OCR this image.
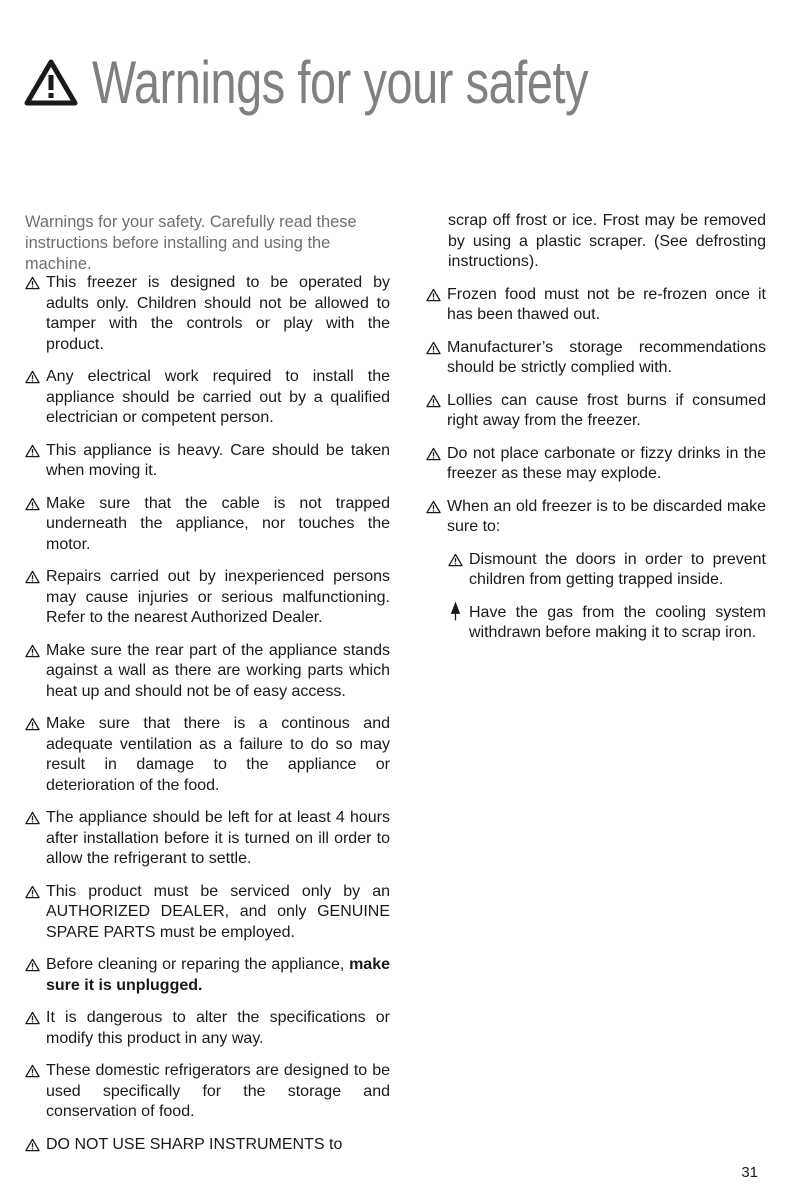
Warnings for your safety
Warnings for your safety. Carefully read these instructions before installing and using the machine.
This freezer is designed to be operated by adults only. Children should not be allowed to tamper with the controls or play with the product.
Any electrical work required to install the appliance should be carried out by a qualified electrician or competent person.
This appliance is heavy. Care should be taken when moving it.
Make sure that the cable is not trapped underneath the appliance, nor touches the motor.
Repairs carried out by inexperienced persons may cause injuries or serious malfunctioning. Refer to the nearest Authorized Dealer.
Make sure the rear part of the appliance stands against a wall as there are working parts which heat up and should not be of easy access.
Make sure that there is a continous and adequate ventilation as a failure to do so may result in damage to the appliance or deterioration of the food.
The appliance should be left for at least 4 hours after installation before it is turned on ill order to allow the refrigerant to settle.
This product must be serviced only by an AUTHORIZED DEALER, and only GENUINE SPARE PARTS must be employed.
Before cleaning or reparing the appliance, make sure it is unplugged.
It is dangerous to alter the specifications or modify this product in any way.
These domestic refrigerators are designed to be used specifically for the storage and conservation of food.
DO NOT USE SHARP INSTRUMENTS to
scrap off frost or ice. Frost may be removed by using a plastic scraper. (See defrosting instructions).
Frozen food must not be re-frozen once it has been thawed out.
Manufacturer’s storage recommendations should be strictly complied with.
Lollies can cause frost burns if consumed right away from the freezer.
Do not place carbonate or fizzy drinks in the freezer as these may explode.
When an old freezer is to be discarded make sure to:
Dismount the doors in order to prevent children from getting trapped inside.
Have the gas from the cooling system withdrawn before making it to scrap iron.
31
